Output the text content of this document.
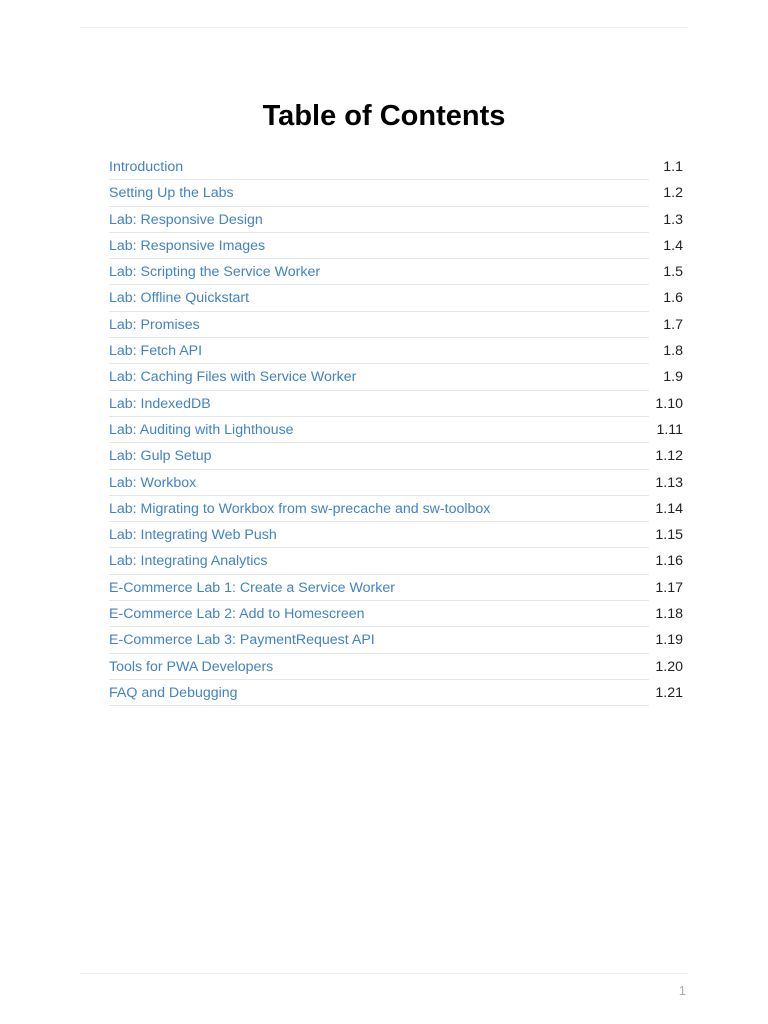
Table of Contents
Introduction	1.1
Setting Up the Labs	1.2
Lab: Responsive Design	1.3
Lab: Responsive Images	1.4
Lab: Scripting the Service Worker	1.5
Lab: Offline Quickstart	1.6
Lab: Promises	1.7
Lab: Fetch API	1.8
Lab: Caching Files with Service Worker	1.9
Lab: IndexedDB	1.10
Lab: Auditing with Lighthouse	1.11
Lab: Gulp Setup	1.12
Lab: Workbox	1.13
Lab: Migrating to Workbox from sw-precache and sw-toolbox	1.14
Lab: Integrating Web Push	1.15
Lab: Integrating Analytics	1.16
E-Commerce Lab 1: Create a Service Worker	1.17
E-Commerce Lab 2: Add to Homescreen	1.18
E-Commerce Lab 3: PaymentRequest API	1.19
Tools for PWA Developers	1.20
FAQ and Debugging	1.21
1
